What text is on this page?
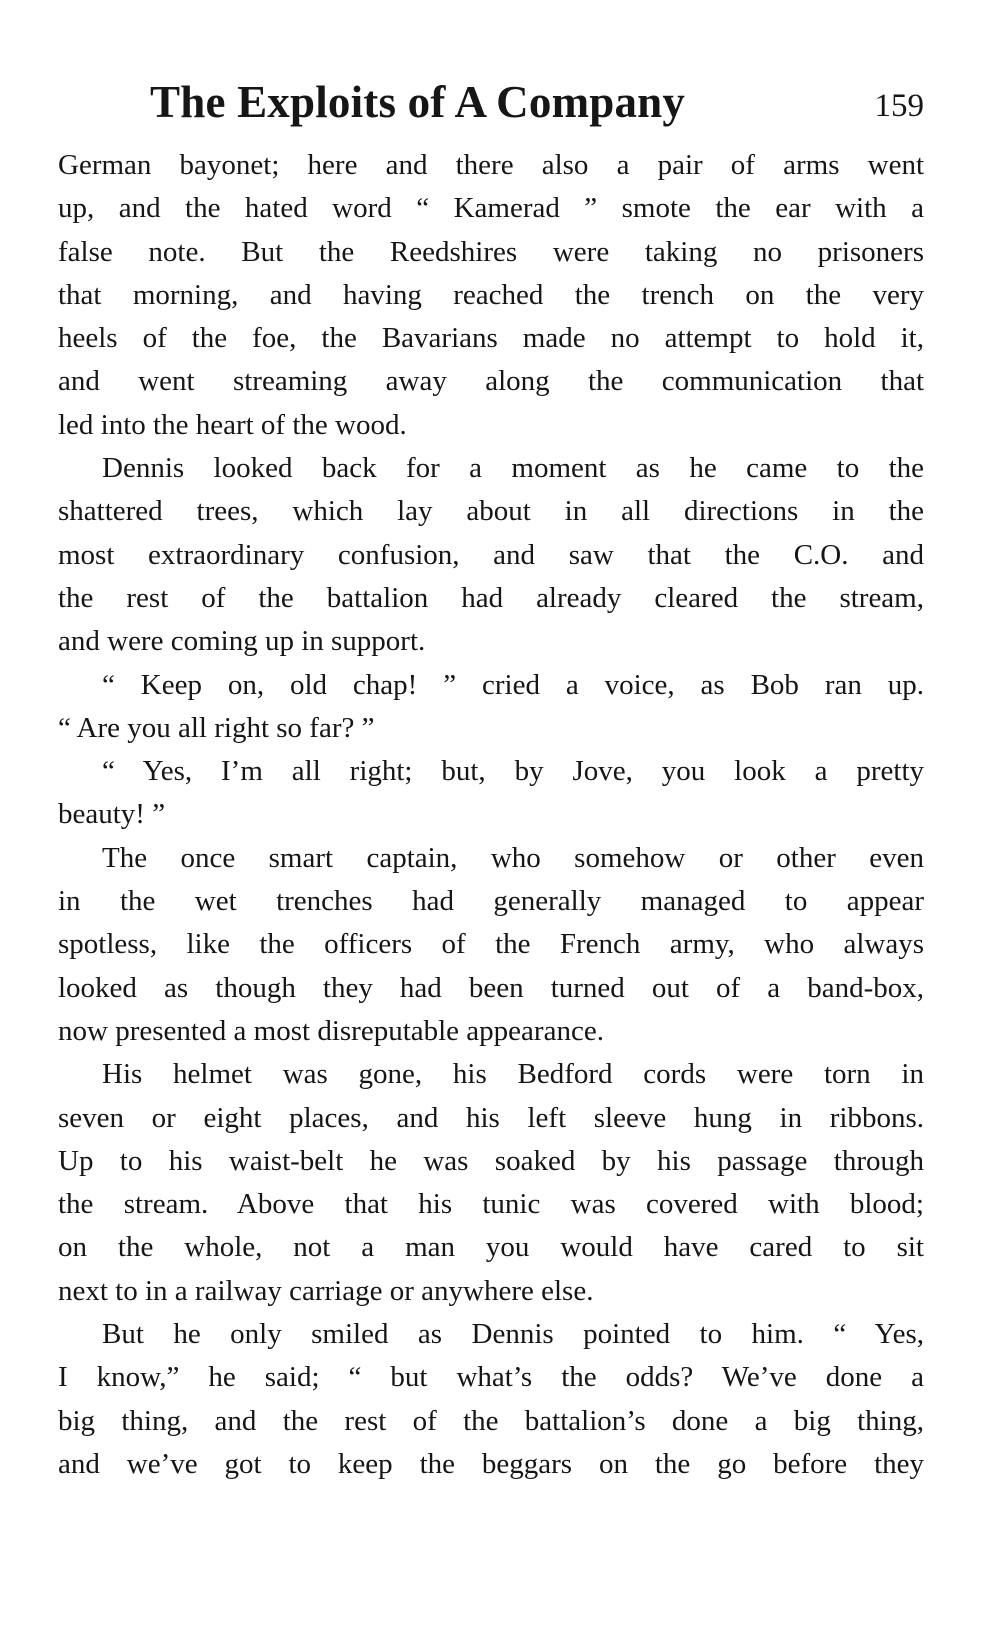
The Exploits of A Company	159

German bayonet; here and there also a pair of arms went
up, and the hated word “ Kamerad ” smote the ear with a
false note. But the Reedshires were taking no prisoners
that morning, and having reached the trench on the very
heels of the foe, the Bavarians made no attempt to hold it,
and went streaming away along the communication that
led into the heart of the wood.

Dennis looked back for a moment as he came to the
shattered trees, which lay about in all directions in the
most extraordinary confusion, and saw that the C.O. and
the rest of the battalion had already cleared the stream,
and were coming up in support.

“ Keep on, old chap! ” cried a voice, as Bob ran up.
“ Are you all right so far? ”

“ Yes, I’m all right; but, by Jove, you look a pretty
beauty! ”

The once smart captain, who somehow or other even
in the wet trenches had generally managed to appear
spotless, like the officers of the French army, who always
looked as though they had been turned out of a band-box,
now presented a most disreputable appearance.

His helmet was gone, his Bedford cords were torn in
seven or eight places, and his left sleeve hung in ribbons.
Up to his waist-belt he was soaked by his passage through
the stream. Above that his tunic was covered with blood;
on the whole, not a man you would have cared to sit
next to in a railway carriage or anywhere else.

But he only smiled as Dennis pointed to him. “ Yes,
I know,” he said; “ but what’s the odds? We’ve done a
big thing, and the rest of the battalion’s done a big thing,
and we’ve got to keep the beggars on the go before they
